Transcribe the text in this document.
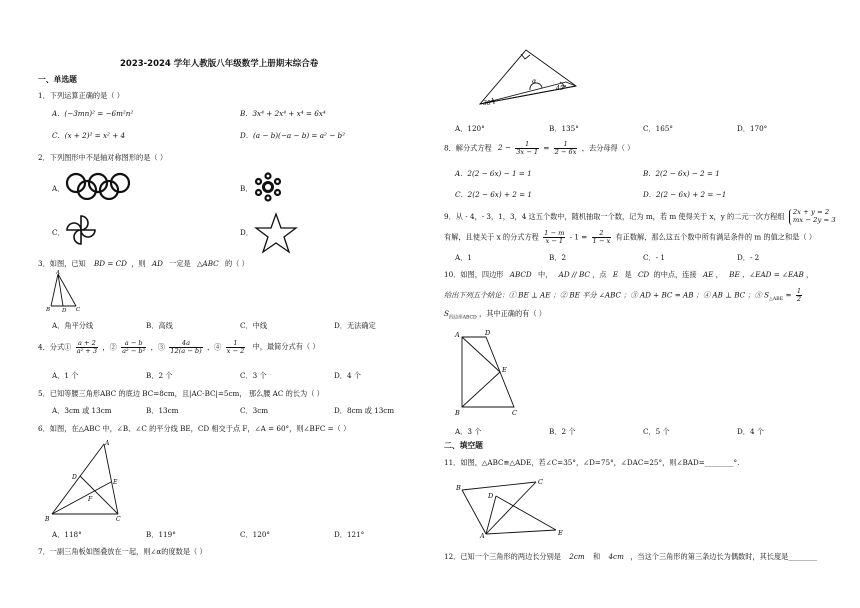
2023-2024 学年人教版八年级数学上册期末综合卷
一、单选题
1．下列运算正确的是（ ）
A．(−3mn)² = −6m²n²	B．3x⁴ + 2x⁴ + x⁴ = 6x⁴
C．(x + 2)² = x² + 4	D．(a − b)(−a − b) = a² − b²
2．下列图形中不是轴对称图形的是（ ）
A．	B．
C．	D．
3．如图，已知 BD = CD ，则 AD 一定是 △ABC 的（ ）
A
B D C
A．角平分线	B．高线	C．中线	D．无法确定
4．分式① $\frac{a + 2}{\text{a² + 3}}$ ，② $\frac{a - b}{\text{a² − b²}}$ ，③ $\frac{4a}{12(a - b)}$ ，④ $\frac{1}{x - 2}$ 中，最简分式有（ ）
A．1 个	B．2 个	C．3 个	D．4 个
5．已知等腰三角形ABC 的底边 BC=8cm，且|AC-BC|=5cm， 那么腰 AC 的长为（ ）
A．3cm 或 13cm	B．13cm	C．3cm	D．8cm 或 13cm
6．如图，在△ABC 中，∠B、∠C 的平分线 BE，CD 相交于点 F，∠A = 60°，则∠BFC =（ ）
A
B	C
D
E
F
A．118°	B．119°	C．120°	D．121°
7．一副三角板如图叠放在一起，则∠α的度数是（ ）
α
45°
30°
A．120°	B．135°	C．165°	D．170°
8．解分式方程 $2 - \frac{1}{3x - 1} = \frac{1}{2 - 6x}$ ，去分母得（ ）
A．2(2 − 6x) − 1 = 1	B．2(2 − 6x) − 2 = 1
C．2(2 − 6x) + 2 = 1	D．2(2 − 6x) + 2 = −1
9．从 - 4，- 3，1，3，4 这五个数中，随机抽取一个数，记为 m，若 m 使得关于 x，y 的二元一次方程组 2x + y = 2
mx − 2y = 3
有解，且使关于 x 的分式方程 $\frac{1 - m}{x - 1} - 1 = \frac{2}{1 - x}$ 有正数解，那么这五个数中所有满足条件的 m 的值之和是（ ）
A．1	B．2	C．- 1	D．- 2
10．如图，四边形 ABCD 中， AD // BC ，点 E 是 CD 的中点，连接 AE ， BE ，∠EAD = ∠EAB ，
给出下列五个结论：① BE ⊥ AE ；② BE 平分 ∠ABC ；③ AD + BC = AB ；④ AB ⊥ BC ；⑤ $S_{\triangle ABE} = \frac{1}{2}$
$S_{四边形ABCD}$ ，其中正确的有（ ）
A	D
E
B	C
A．3 个	B．2 个	C．5 个	D．4 个
二、填空题
11．如图，△ABC≌△ADE，若∠C=35°，∠D=75°，∠DAC=25°，则∠BAD=________°.
B
C
D
A	E
12．已知一个三角形的两边长分别是 2cm 和 4cm ，当这个三角形的第三条边长为偶数时，其长度是________
